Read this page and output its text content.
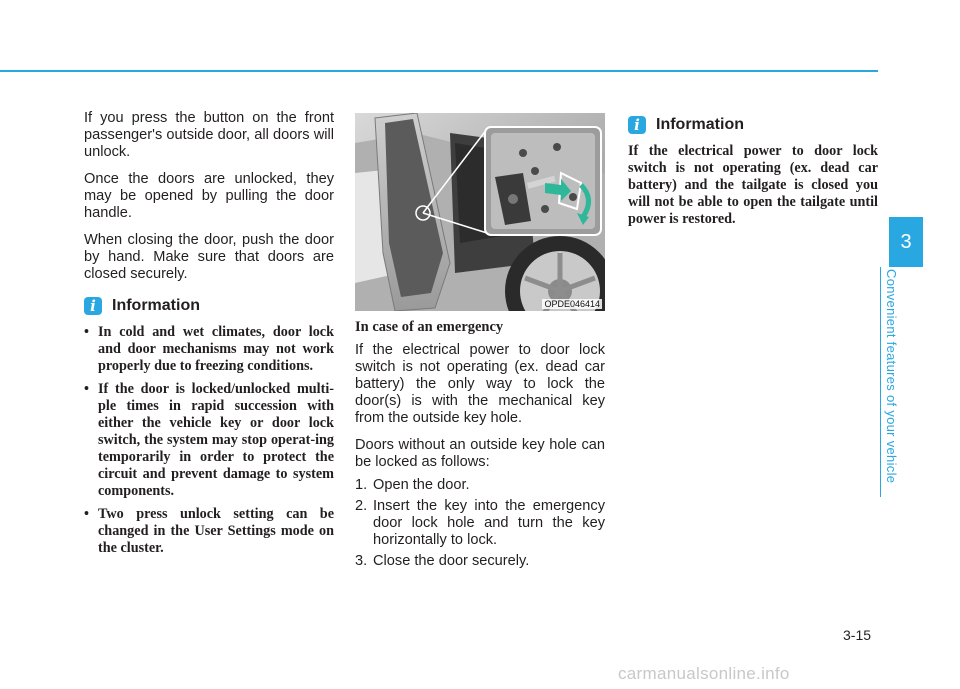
If you press the button on the front passenger's outside door, all doors will unlock.

Once the doors are unlocked, they may be opened by pulling the door handle.

When closing the door, push the door by hand. Make sure that doors are closed securely.

i	Information
• In cold and wet climates, door lock and door mechanisms may not work properly due to freezing conditions.
• If the door is locked/unlocked multi-ple times in rapid succession with either the vehicle key or door lock switch, the system may stop operat-ing temporarily in order to protect the circuit and prevent damage to system components.
• Two press unlock setting can be changed in the User Settings mode on the cluster.
OPDE046414
In case of an emergency

If the electrical power to door lock switch is not operating (ex. dead car battery) the only way to lock the door(s) is with the mechanical key from the outside key hole.

Doors without an outside key hole can be locked as follows:

1. Open the door.
2. Insert the key into the emergency door lock hole and turn the key horizontally to lock.
3. Close the door securely.
i	Information

If the electrical power to door lock switch is not operating (ex. dead car battery) and the tailgate is closed you will not be able to open the tailgate until power is restored.

3
Convenient features of your vehicle
3-15
carmanualsonline.info
